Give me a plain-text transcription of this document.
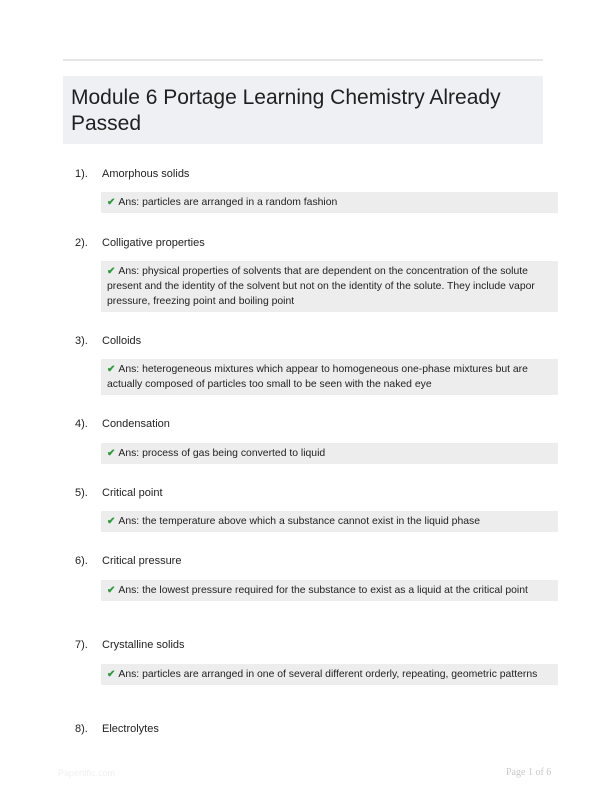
Module 6 Portage Learning Chemistry Already Passed
1). Amorphous solids
✔ Ans: particles are arranged in a random fashion
2). Colligative properties
✔ Ans: physical properties of solvents that are dependent on the concentration of the solute present and the identity of the solvent but not on the identity of the solute. They include vapor pressure, freezing point and boiling point
3). Colloids
✔ Ans: heterogeneous mixtures which appear to homogeneous one-phase mixtures but are actually composed of particles too small to be seen with the naked eye
4). Condensation
✔ Ans: process of gas being converted to liquid
5). Critical point
✔ Ans: the temperature above which a substance cannot exist in the liquid phase
6). Critical pressure
✔ Ans: the lowest pressure required for the substance to exist as a liquid at the critical point
7). Crystalline solids
✔ Ans: particles are arranged in one of several different orderly, repeating, geometric patterns
8). Electrolytes
Papertific.com	Page 1 of 6
